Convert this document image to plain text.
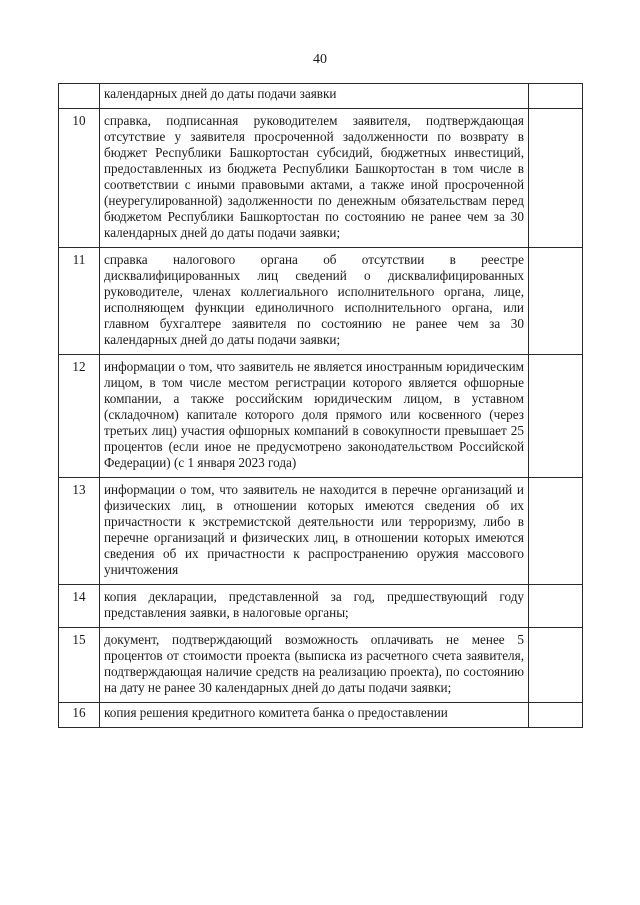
40
	календарных дней до даты подачи заявки	
10	справка, подписанная руководителем заявителя, подтверждающая отсутствие у заявителя просроченной задолженности по возврату в бюджет Республики Башкортостан субсидий, бюджетных инвестиций, предоставленных из бюджета Республики Башкортостан в том числе в соответствии с иными правовыми актами, а также иной просроченной (неурегулированной) задолженности по денежным обязательствам перед бюджетом Республики Башкортостан по состоянию не ранее чем за 30 календарных дней до даты подачи заявки;	
11	справка налогового органа об отсутствии в реестре дисквалифицированных лиц сведений о дисквалифицированных руководителе, членах коллегиального исполнительного органа, лице, исполняющем функции единоличного исполнительного органа, или главном бухгалтере заявителя по состоянию не ранее чем за 30 календарных дней до даты подачи заявки;	
12	информации о том, что заявитель не является иностранным юридическим лицом, в том числе местом регистрации которого является офшорные компании, а также российским юридическим лицом, в уставном (складочном) капитале которого доля прямого или косвенного (через третьих лиц) участия офшорных компаний в совокупности превышает 25 процентов (если иное не предусмотрено законодательством Российской Федерации) (с 1 января 2023 года)	
13	информации о том, что заявитель не находится в перечне организаций и физических лиц, в отношении которых имеются сведения об их причастности к экстремистской деятельности или терроризму, либо в перечне организаций и физических лиц, в отношении которых имеются сведения об их причастности к распространению оружия массового уничтожения	
14	копия декларации, представленной за год, предшествующий году представления заявки, в налоговые органы;	
15	документ, подтверждающий возможность оплачивать не менее 5 процентов от стоимости проекта (выписка из расчетного счета заявителя, подтверждающая наличие средств на реализацию проекта), по состоянию на дату не ранее 30 календарных дней до даты подачи заявки;	
16	копия решения кредитного комитета банка о предоставлении	
